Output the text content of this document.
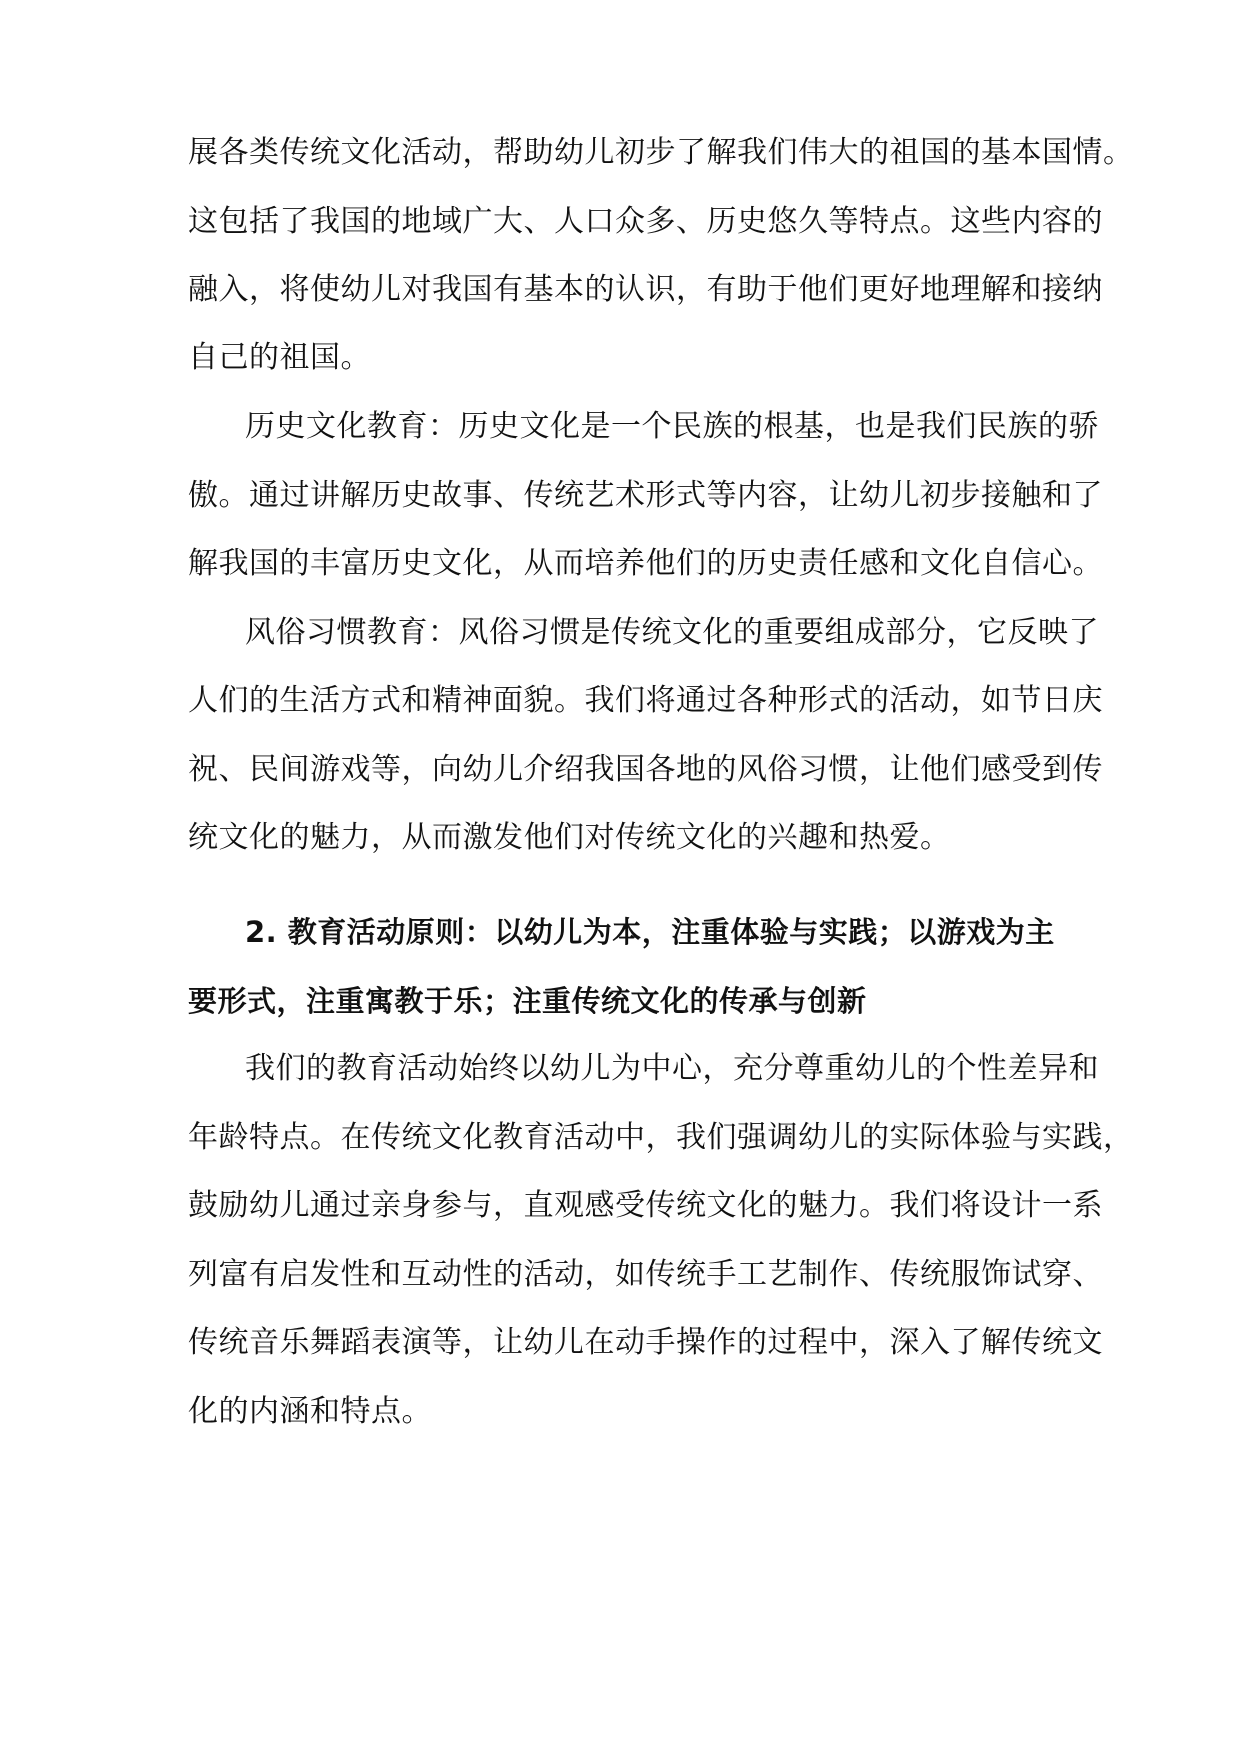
展各类传统文化活动，帮助幼儿初步了解我们伟大的祖国的基本国情。
这包括了我国的地域广大、人口众多、历史悠久等特点。这些内容的
融入，将使幼儿对我国有基本的认识，有助于他们更好地理解和接纳
自己的祖国。
历史文化教育：历史文化是一个民族的根基，也是我们民族的骄
傲。通过讲解历史故事、传统艺术形式等内容，让幼儿初步接触和了
解我国的丰富历史文化，从而培养他们的历史责任感和文化自信心。
风俗习惯教育：风俗习惯是传统文化的重要组成部分，它反映了
人们的生活方式和精神面貌。我们将通过各种形式的活动，如节日庆
祝、民间游戏等，向幼儿介绍我国各地的风俗习惯，让他们感受到传
统文化的魅力，从而激发他们对传统文化的兴趣和热爱。
2. 教育活动原则：以幼儿为本，注重体验与实践；以游戏为主
要形式，注重寓教于乐；注重传统文化的传承与创新
我们的教育活动始终以幼儿为中心，充分尊重幼儿的个性差异和
年龄特点。在传统文化教育活动中，我们强调幼儿的实际体验与实践，
鼓励幼儿通过亲身参与，直观感受传统文化的魅力。我们将设计一系
列富有启发性和互动性的活动，如传统手工艺制作、传统服饰试穿、
传统音乐舞蹈表演等，让幼儿在动手操作的过程中，深入了解传统文
化的内涵和特点。
